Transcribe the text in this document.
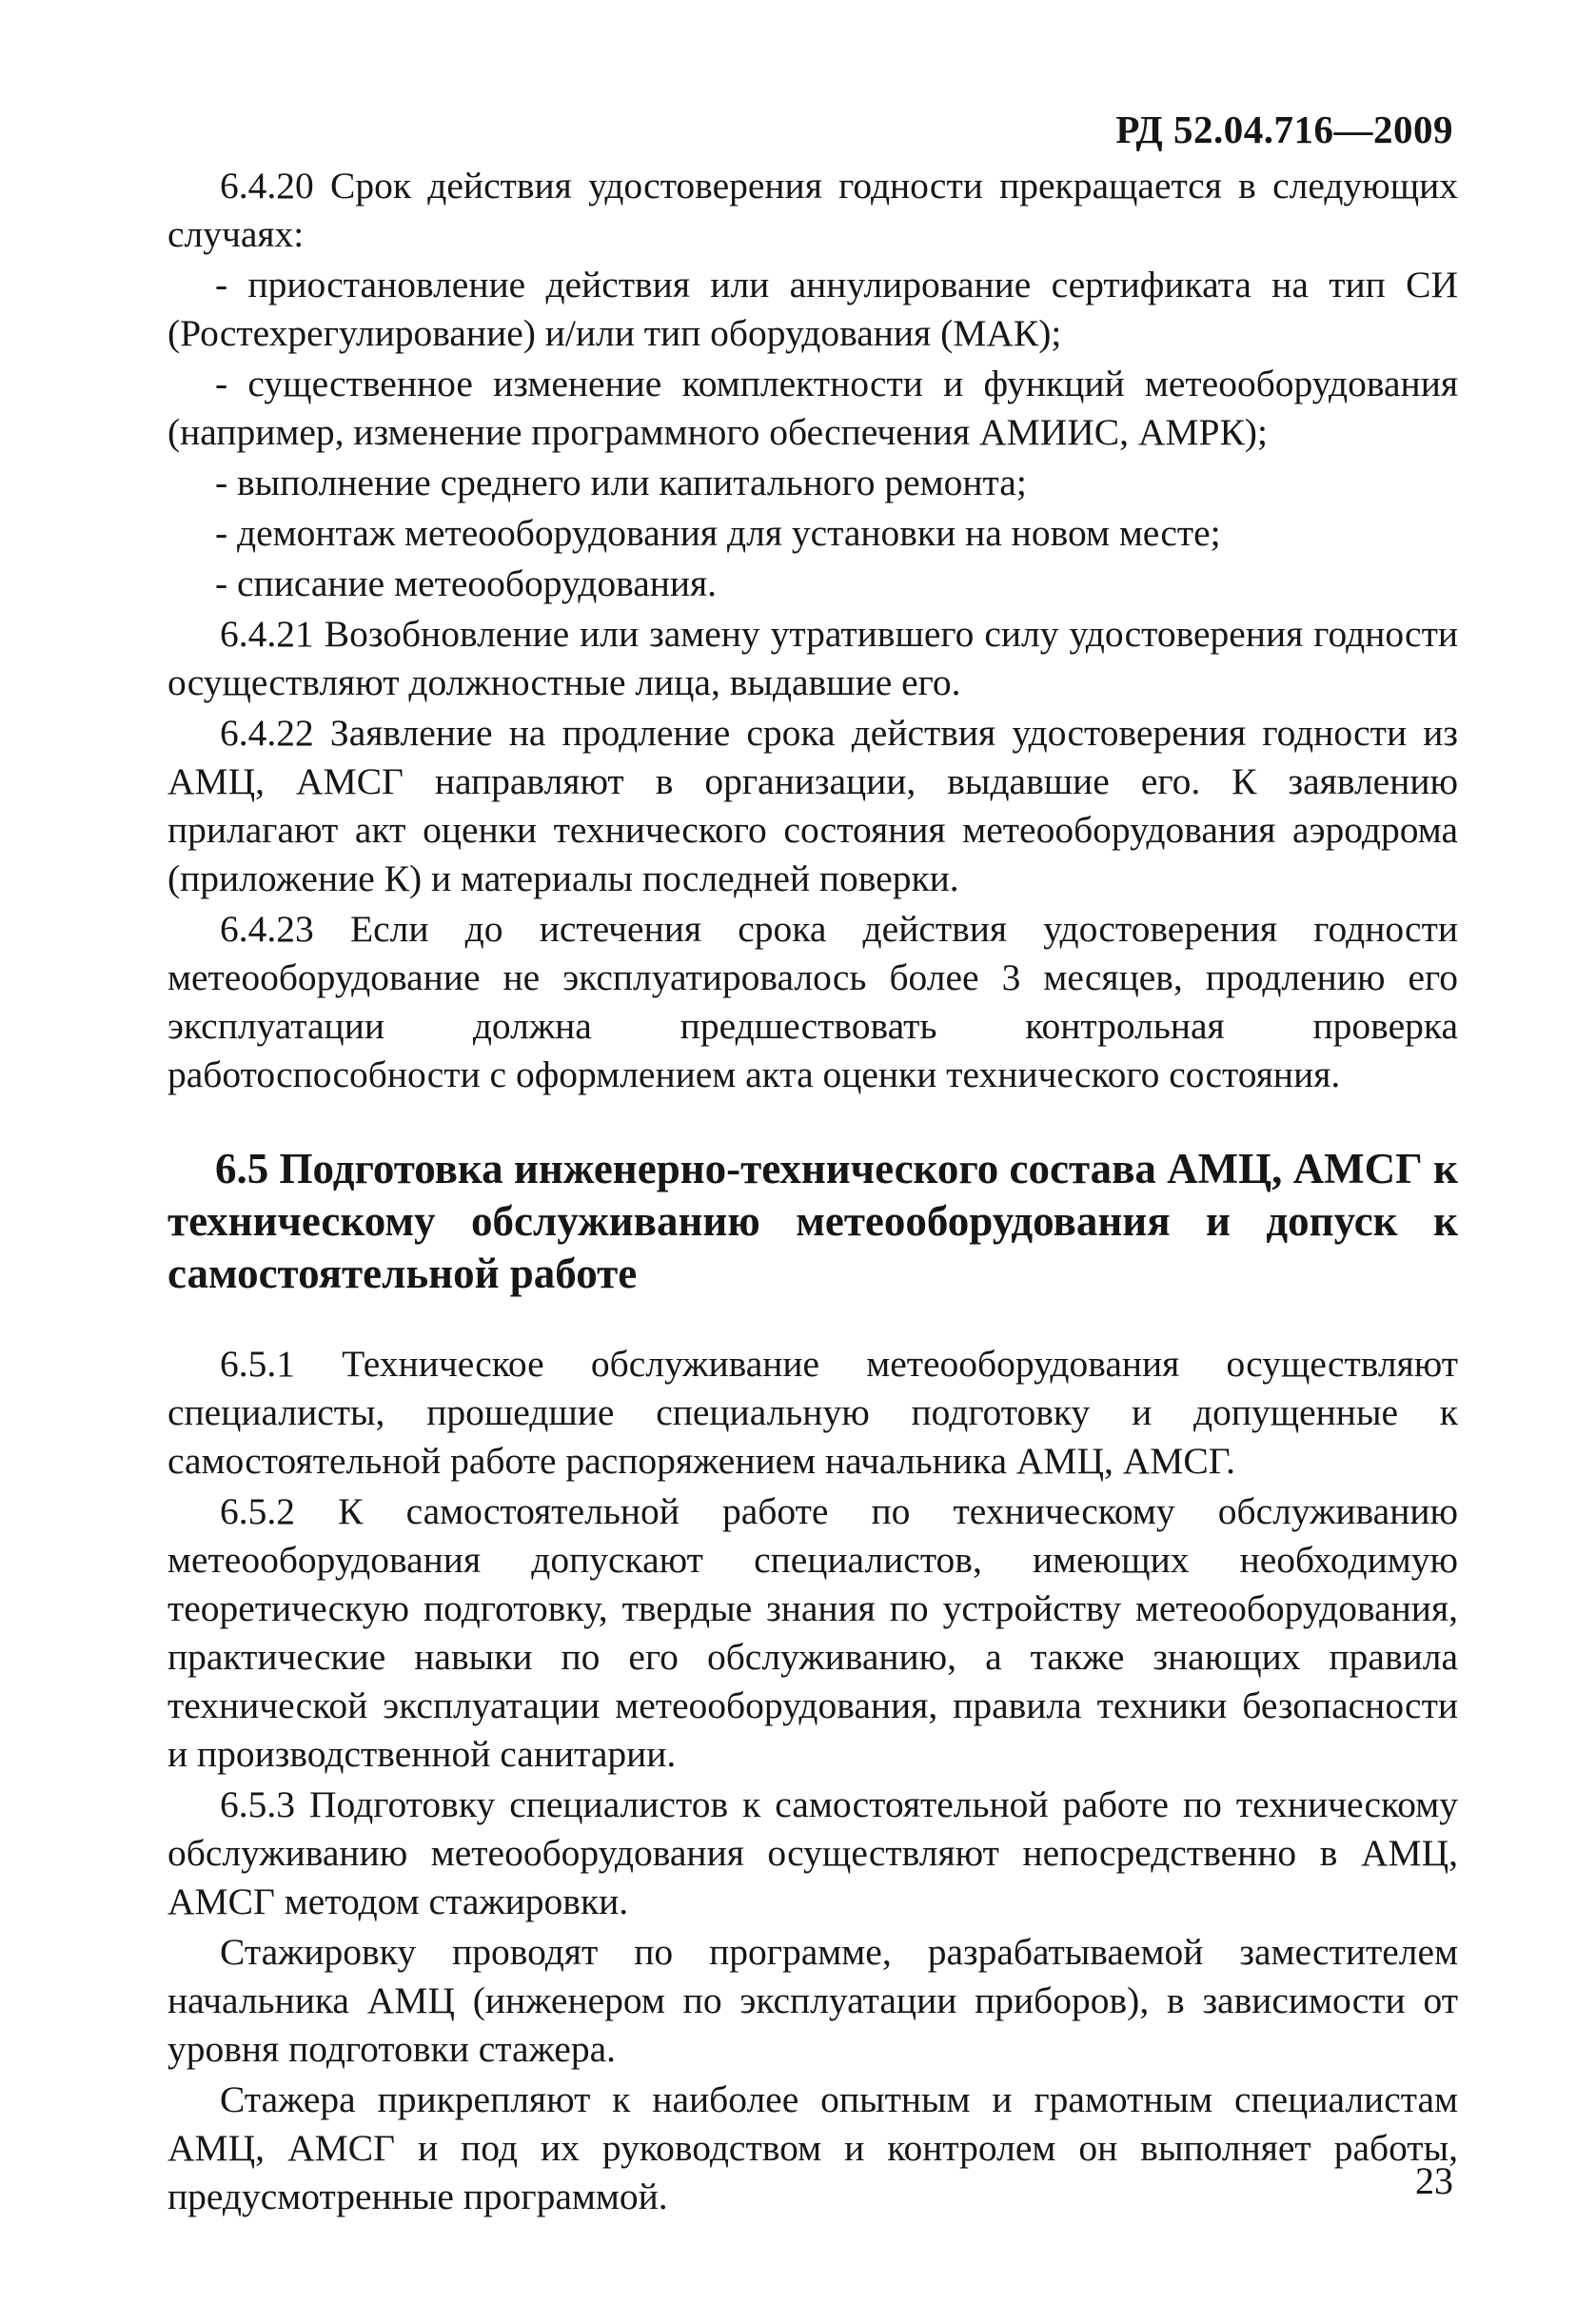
РД 52.04.716—2009

6.4.20 Срок действия удостоверения годности прекращается в следующих случаях:

- приостановление действия или аннулирование сертификата на тип СИ (Ростехрегулирование) и/или тип оборудования (МАК);

- существенное изменение комплектности и функций метеооборудования (например, изменение программного обеспечения АМИИС, АМРК);

- выполнение среднего или капитального ремонта;

- демонтаж метеооборудования для установки на новом месте;

- списание метеооборудования.

6.4.21 Возобновление или замену утратившего силу удостоверения годности осуществляют должностные лица, выдавшие его.

6.4.22 Заявление на продление срока действия удостоверения годности из АМЦ, АМСГ направляют в организации, выдавшие его. К заявлению прилагают акт оценки технического состояния метеооборудования аэродрома (приложение К) и материалы последней поверки.

6.4.23 Если до истечения срока действия удостоверения годности метеооборудование не эксплуатировалось более 3 месяцев, продлению его эксплуатации должна предшествовать контрольная проверка работоспособности с оформлением акта оценки технического состояния.

6.5 Подготовка инженерно-технического состава АМЦ, АМСГ к техническому обслуживанию метеооборудования и допуск к самостоятельной работе

6.5.1 Техническое обслуживание метеооборудования осуществляют специалисты, прошедшие специальную подготовку и допущенные к самостоятельной работе распоряжением начальника АМЦ, АМСГ.

6.5.2 К самостоятельной работе по техническому обслуживанию метеооборудования допускают специалистов, имеющих необходимую теоретическую подготовку, твердые знания по устройству метеооборудования, практические навыки по его обслуживанию, а также знающих правила технической эксплуатации метеооборудования, правила техники безопасности и производственной санитарии.

6.5.3 Подготовку специалистов к самостоятельной работе по техническому обслуживанию метеооборудования осуществляют непосредственно в АМЦ, АМСГ методом стажировки.

Стажировку проводят по программе, разрабатываемой заместителем начальника АМЦ (инженером по эксплуатации приборов), в зависимости от уровня подготовки стажера.

Стажера прикрепляют к наиболее опытным и грамотным специалистам АМЦ, АМСГ и под их руководством и контролем он выполняет работы, предусмотренные программой.	23
